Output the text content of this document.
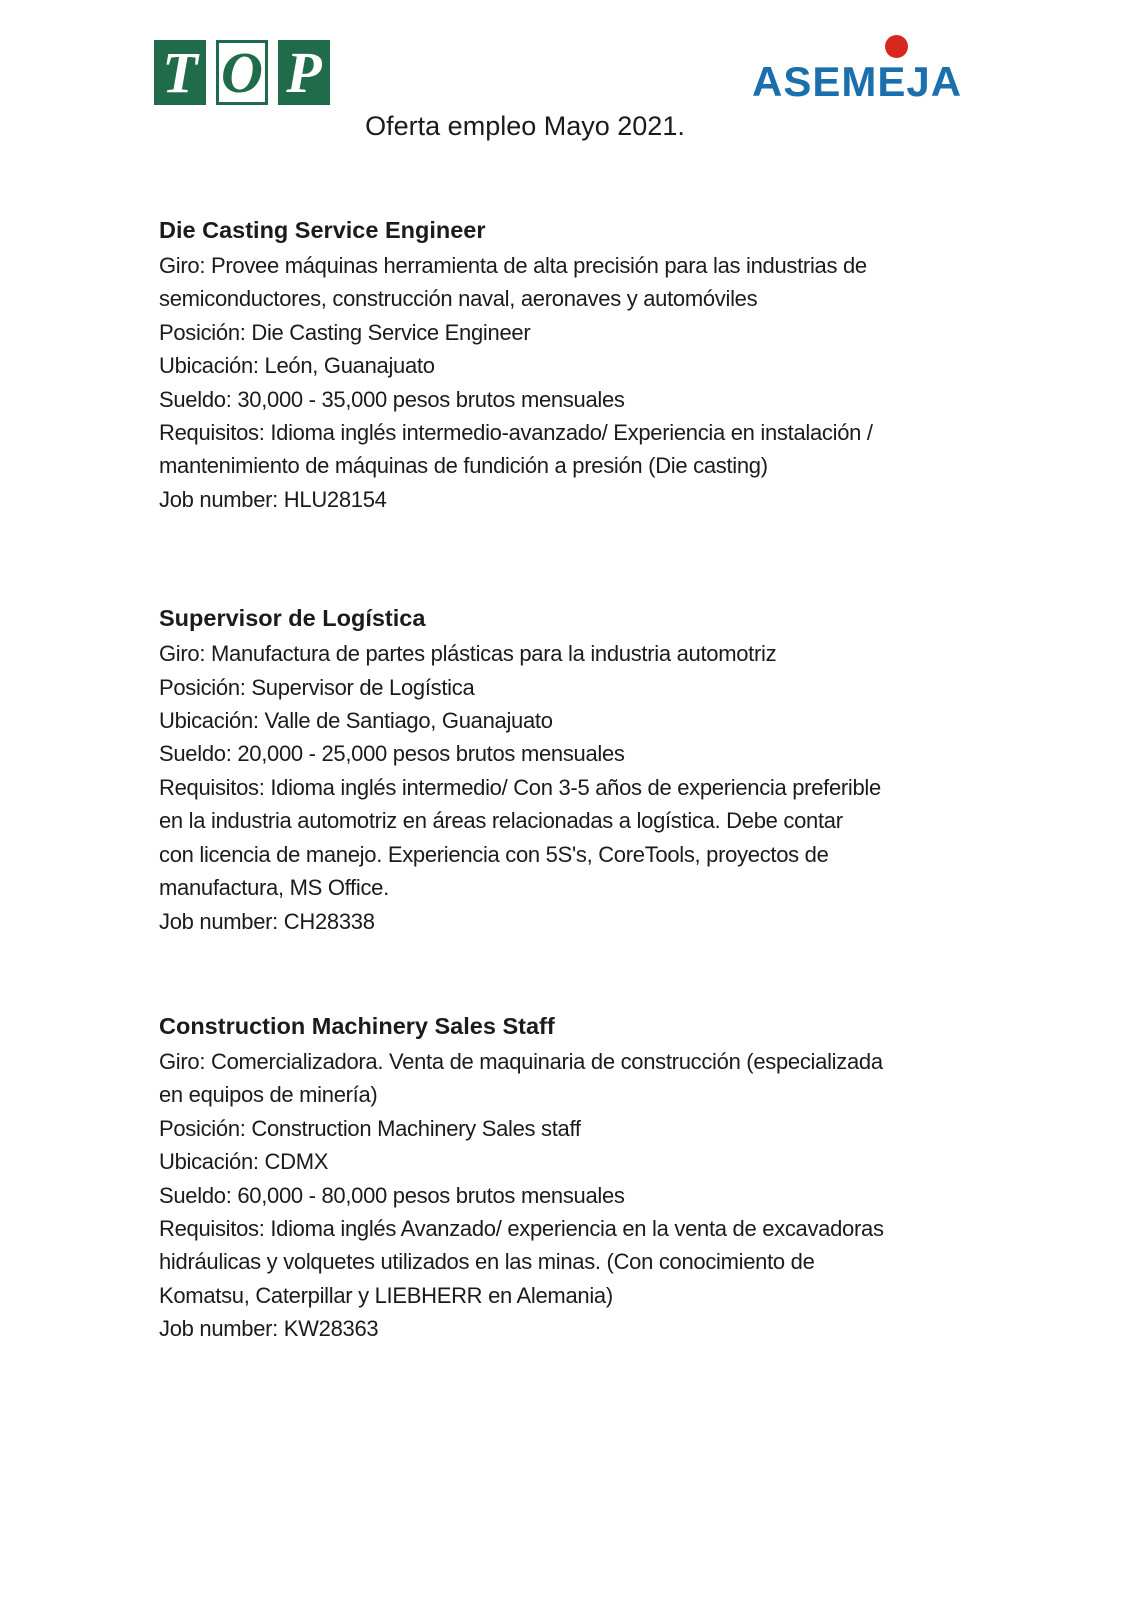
T O P	ASEMEJA
Oferta empleo Mayo 2021.
Die Casting Service Engineer
Giro: Provee máquinas herramienta de alta precisión para las industrias de
semiconductores, construcción naval, aeronaves y automóviles
Posición: Die Casting Service Engineer
Ubicación: León, Guanajuato
Sueldo: 30,000 - 35,000 pesos brutos mensuales
Requisitos: Idioma inglés intermedio-avanzado/ Experiencia en instalación /
mantenimiento de máquinas de fundición a presión (Die casting)
Job number: HLU28154
Supervisor de Logística
Giro: Manufactura de partes plásticas para la industria automotriz
Posición: Supervisor de Logística
Ubicación: Valle de Santiago, Guanajuato
Sueldo: 20,000 - 25,000 pesos brutos mensuales
Requisitos: Idioma inglés intermedio/ Con 3-5 años de experiencia preferible
en la industria automotriz en áreas relacionadas a logística. Debe contar
con licencia de manejo. Experiencia con 5S's, CoreTools, proyectos de
manufactura, MS Office.
Job number: CH28338
Construction Machinery Sales Staff
Giro: Comercializadora. Venta de maquinaria de construcción (especializada
en equipos de minería)
Posición: Construction Machinery Sales staff
Ubicación: CDMX
Sueldo: 60,000 - 80,000 pesos brutos mensuales
Requisitos: Idioma inglés Avanzado/ experiencia en la venta de excavadoras
hidráulicas y volquetes utilizados en las minas. (Con conocimiento de
Komatsu, Caterpillar y LIEBHERR en Alemania)
Job number: KW28363
